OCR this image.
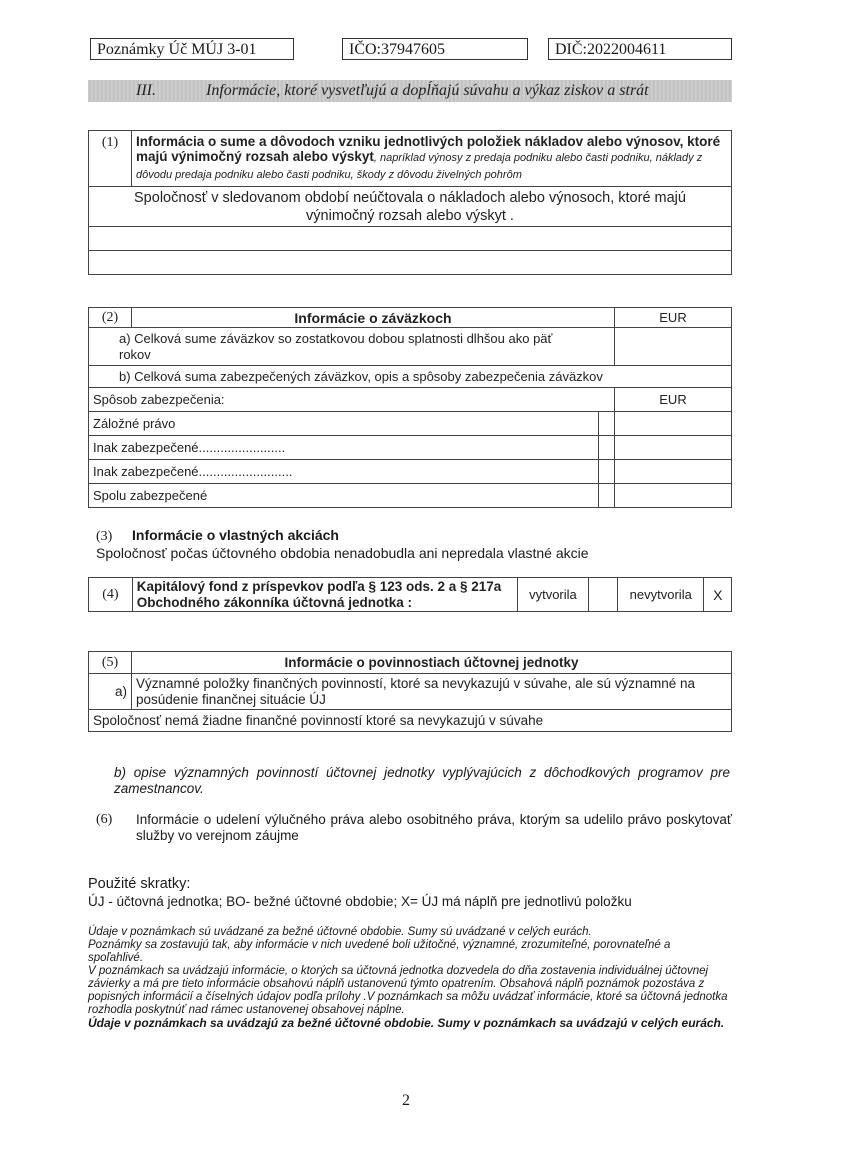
Poznámky Úč MÚJ 3-01	IČO:37947605	DIČ:2022004611
III.	Informácie, ktoré vysvetľujú a dopĺňajú súvahu a výkaz ziskov a strát
(1)	Informácia o sume a dôvodoch vzniku jednotlivých položiek nákladov alebo výnosov, ktoré majú výnimočný rozsah alebo výskyt, napríklad výnosy z predaja podniku alebo časti podniku, náklady z dôvodu predaja podniku alebo časti podniku, škody z dôvodu živelných pohrôm
Spoločnosť v sledovanom období neúčtovala o nákladoch alebo výnosoch, ktoré majú výnimočný rozsah alebo výskyt .

(2)	Informácie o záväzkoch		EUR
a) Celková sume záväzkov so zostatkovou dobou splatnosti dlhšou ako päť rokov			
b) Celková suma zabezpečených záväzkov, opis a spôsoby zabezpečenia záväzkov			
Spôsob zabezpečenia:			EUR
Záložné právo			
Inak zabezpečené........................			
Inak zabezpečené..........................			
Spolu zabezpečené			
(3) Informácie o vlastných akciách
Spoločnosť počas účtovného obdobia nenadobudla ani nepredala vlastné akcie
(4)	Kapitálový fond z príspevkov podľa § 123 ods. 2 a § 217a Obchodného zákonníka účtovná jednotka :	vytvorila		nevytvorila	X
(5)	Informácie o povinnostiach účtovnej jednotky
a)	Významné položky finančných povinností, ktoré sa nevykazujú v súvahe, ale sú významné na posúdenie finančnej situácie ÚJ
Spoločnosť nemá žiadne finančné povinností ktoré sa nevykazujú v súvahe	
b) opise významných povinností účtovnej jednotky vyplývajúcich z dôchodkových programov pre zamestnancov.
(6) Informácie o udelení výlučného práva alebo osobitného práva, ktorým sa udelilo právo poskytovať služby vo verejnom záujme
Použité skratky:
ÚJ - účtovná jednotka; BO- bežné účtovné obdobie; X= ÚJ má náplň pre jednotlivú položku

Údaje v poznámkach sú uvádzané za bežné účtovné obdobie. Sumy sú uvádzané v celých eurách.

Poznámky sa zostavujú tak, aby informácie v nich uvedené boli užitočné, významné, zrozumiteľné, porovnateľné a spoľahlivé.

V poznámkach sa uvádzajú informácie, o ktorých sa účtovná jednotka dozvedela do dňa zostavenia individuálnej účtovnej závierky a má pre tieto informácie obsahovú náplň ustanovenú týmto opatrením. Obsahová náplň poznámok pozostáva z popisných informácií a číselných údajov podľa prílohy .V poznámkach sa môžu uvádzať informácie, ktoré sa účtovná jednotka rozhodla poskytnúť nad rámec ustanovenej obsahovej náplne.

Údaje v poznámkach sa uvádzajú za bežné účtovné obdobie. Sumy v poznámkach sa uvádzajú v celých eurách.

2
